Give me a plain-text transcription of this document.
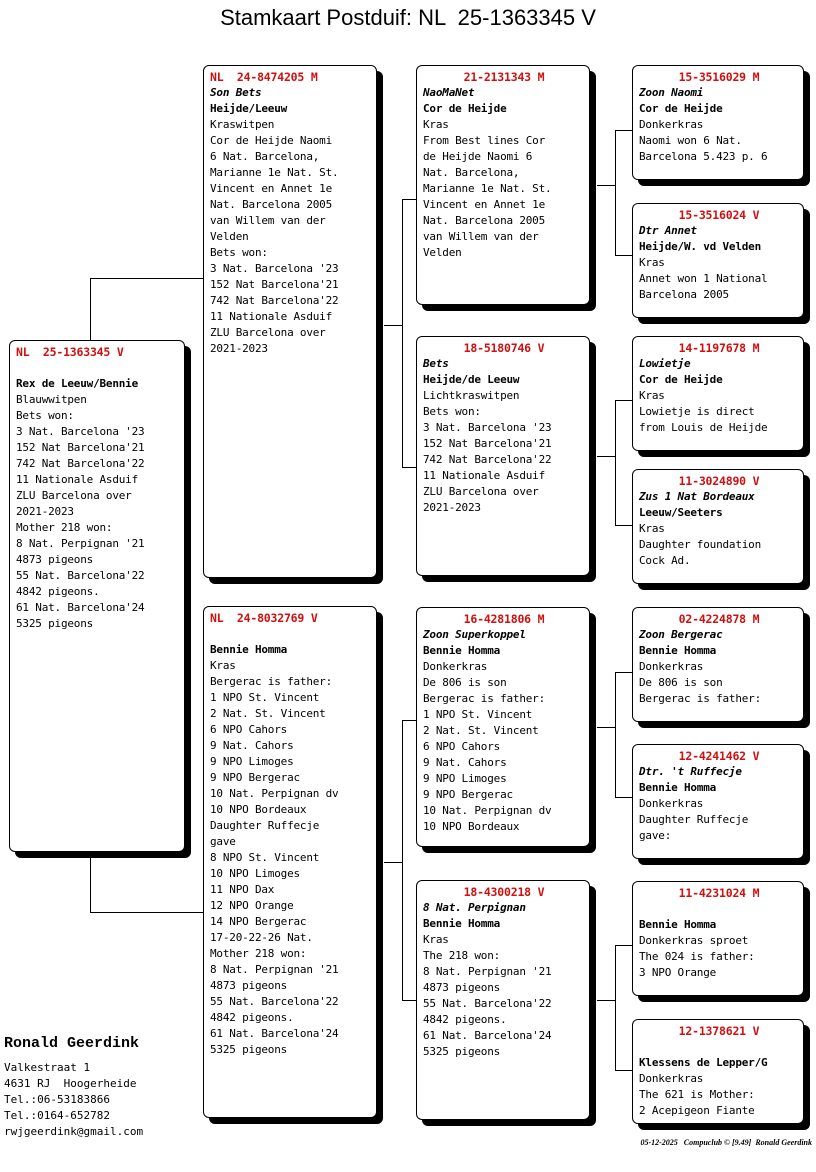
Stamkaart Postduif: NL  25-1363345 V
NL  25-1363345 V
Rex de Leeuw/Bennie
Blauwwitpen
Bets won:
3 Nat. Barcelona '23
152 Nat Barcelona'21
742 Nat Barcelona'22
11 Nationale Asduif
ZLU Barcelona over
2021-2023
Mother 218 won:
8 Nat. Perpignan '21
4873 pigeons
55 Nat. Barcelona'22
4842 pigeons.
61 Nat. Barcelona'24
5325 pigeons
NL  24-8474205 M
Son Bets
Heijde/Leeuw
Kraswitpen
Cor de Heijde Naomi
6 Nat. Barcelona,
Marianne 1e Nat. St.
Vincent en Annet 1e
Nat. Barcelona 2005
van Willem van der
Velden
Bets won:
3 Nat. Barcelona '23
152 Nat Barcelona'21
742 Nat Barcelona'22
11 Nationale Asduif
ZLU Barcelona over
2021-2023
NL  24-8032769 V
Bennie Homma
Kras
Bergerac is father:
1 NPO St. Vincent
2 Nat. St. Vincent
6 NPO Cahors
9 Nat. Cahors
9 NPO Limoges
9 NPO Bergerac
10 Nat. Perpignan dv
10 NPO Bordeaux
Daughter Ruffecje
gave
8 NPO St. Vincent
10 NPO Limoges
11 NPO Dax
12 NPO Orange
14 NPO Bergerac
17-20-22-26 Nat.
Mother 218 won:
8 Nat. Perpignan '21
4873 pigeons
55 Nat. Barcelona'22
4842 pigeons.
61 Nat. Barcelona'24
5325 pigeons
21-2131343 M
NaoMaNet
Cor de Heijde
Kras
From Best lines Cor
de Heijde Naomi 6
Nat. Barcelona,
Marianne 1e Nat. St.
Vincent en Annet 1e
Nat. Barcelona 2005
van Willem van der
Velden
18-5180746 V
Bets
Heijde/de Leeuw
Lichtkraswitpen
Bets won:
3 Nat. Barcelona '23
152 Nat Barcelona'21
742 Nat Barcelona'22
11 Nationale Asduif
ZLU Barcelona over
2021-2023
16-4281806 M
Zoon Superkoppel
Bennie Homma
Donkerkras
De 806 is son
Bergerac is father:
1 NPO St. Vincent
2 Nat. St. Vincent
6 NPO Cahors
9 Nat. Cahors
9 NPO Limoges
9 NPO Bergerac
10 Nat. Perpignan dv
10 NPO Bordeaux
18-4300218 V
8 Nat. Perpignan
Bennie Homma
Kras
The 218 won:
8 Nat. Perpignan '21
4873 pigeons
55 Nat. Barcelona'22
4842 pigeons.
61 Nat. Barcelona'24
5325 pigeons
15-3516029 M
Zoon Naomi
Cor de Heijde
Donkerkras
Naomi won 6 Nat.
Barcelona 5.423 p. 6
15-3516024 V
Dtr Annet
Heijde/W. vd Velden
Kras
Annet won 1 National
Barcelona 2005
14-1197678 M
Lowietje
Cor de Heijde
Kras
Lowietje is direct
from Louis de Heijde
11-3024890 V
Zus 1 Nat Bordeaux
Leeuw/Seeters
Kras
Daughter foundation
Cock Ad.
02-4224878 M
Zoon Bergerac
Bennie Homma
Donkerkras
De 806 is son
Bergerac is father:
12-4241462 V
Dtr. 't Ruffecje
Bennie Homma
Donkerkras
Daughter Ruffecje
gave:
11-4231024 M
Bennie Homma
Donkerkras sproet
The 024 is father:
3 NPO Orange
12-1378621 V
Klessens de Lepper/G
Donkerkras
The 621 is Mother:
2 Acepigeon Fiante
Ronald Geerdink
Valkestraat 1
4631 RJ  Hoogerheide
Tel.:06-53183866
Tel.:0164-652782
rwjgeerdink@gmail.com
05-12-2025   Compuclub © [9.49]  Ronald Geerdink
